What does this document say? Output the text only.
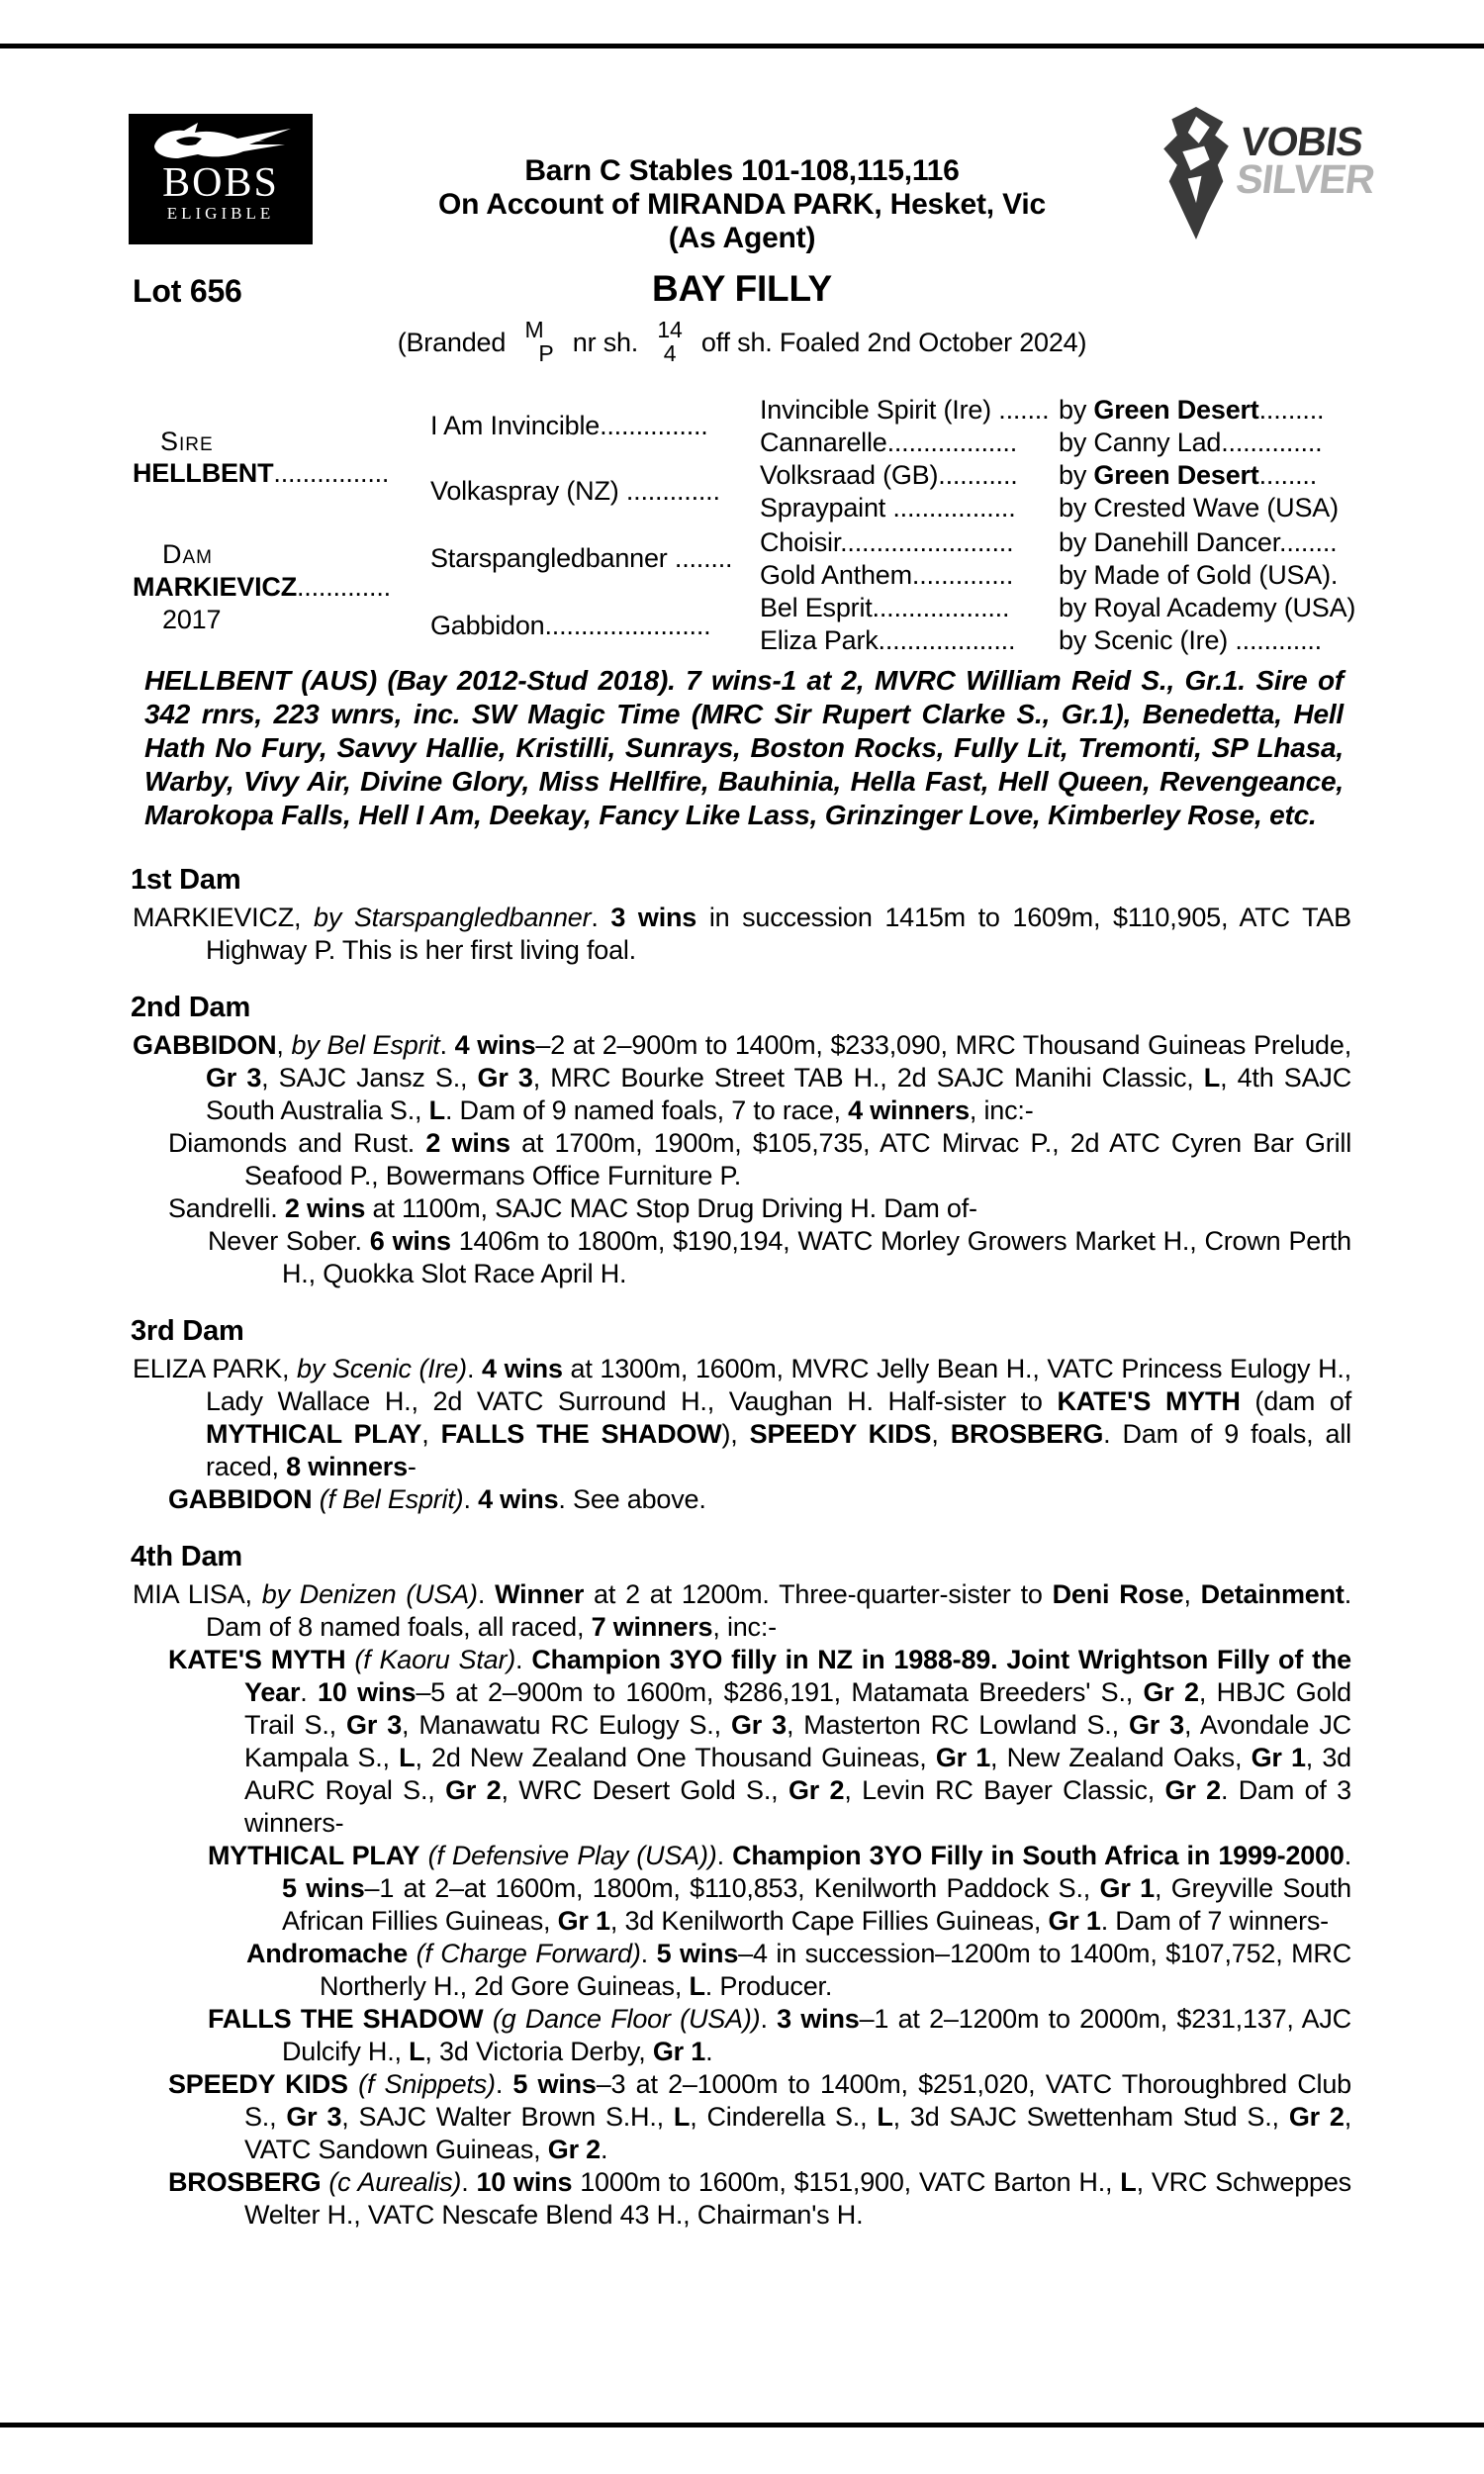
BOBS
ELIGIBLE
Barn C Stables 101-108,115,116
On Account of MIRANDA PARK, Hesket, Vic
(As Agent)
VOBIS
SILVER
Lot 656	BAY FILLY
(Branded M
P nr sh. 14
4 off sh. Foaled 2nd October 2024)
Sire
HELLBENT................
Dam
MARKIEVICZ.............
2017
I Am Invincible...............
Volkaspray (NZ) .............
Starspangledbanner ........
Gabbidon.......................
Invincible Spirit (Ire) .......
Cannarelle..................
Volksraad (GB)...........
Spraypaint .................
Choisir........................
Gold Anthem..............
Bel Esprit...................
Eliza Park...................
by Green Desert.........
by Canny Lad..............
by Green Desert........
by Crested Wave (USA)
by Danehill Dancer........
by Made of Gold (USA).
by Royal Academy (USA)
by Scenic (Ire) ............
HELLBENT (AUS) (Bay 2012-Stud 2018). 7 wins-1 at 2, MVRC William Reid S., Gr.1. Sire of 342 rnrs, 223 wnrs, inc. SW Magic Time (MRC Sir Rupert Clarke S., Gr.1), Benedetta, Hell Hath No Fury, Savvy Hallie, Kristilli, Sunrays, Boston Rocks, Fully Lit, Tremonti, SP Lhasa, Warby, Vivy Air, Divine Glory, Miss Hellfire, Bauhinia, Hella Fast, Hell Queen, Revengeance, Marokopa Falls, Hell I Am, Deekay, Fancy Like Lass, Grinzinger Love, Kimberley Rose, etc.
1st Dam
MARKIEVICZ, by Starspangledbanner. 3 wins in succession 1415m to 1609m, $110,905, ATC TAB Highway P. This is her first living foal.
2nd Dam
GABBIDON, by Bel Esprit. 4 wins–2 at 2–900m to 1400m, $233,090, MRC Thousand Guineas Prelude, Gr 3, SAJC Jansz S., Gr 3, MRC Bourke Street TAB H., 2d SAJC Manihi Classic, L, 4th SAJC South Australia S., L. Dam of 9 named foals, 7 to race, 4 winners, inc:-
Diamonds and Rust. 2 wins at 1700m, 1900m, $105,735, ATC Mirvac P., 2d ATC Cyren Bar Grill Seafood P., Bowermans Office Furniture P.
Sandrelli. 2 wins at 1100m, SAJC MAC Stop Drug Driving H. Dam of-
Never Sober. 6 wins 1406m to 1800m, $190,194, WATC Morley Growers Market H., Crown Perth H., Quokka Slot Race April H.
3rd Dam
ELIZA PARK, by Scenic (Ire). 4 wins at 1300m, 1600m, MVRC Jelly Bean H., VATC Princess Eulogy H., Lady Wallace H., 2d VATC Surround H., Vaughan H. Half-sister to KATE'S MYTH (dam of MYTHICAL PLAY, FALLS THE SHADOW), SPEEDY KIDS, BROSBERG. Dam of 9 foals, all raced, 8 winners-
GABBIDON (f Bel Esprit). 4 wins. See above.
4th Dam
MIA LISA, by Denizen (USA). Winner at 2 at 1200m. Three-quarter-sister to Deni Rose, Detainment. Dam of 8 named foals, all raced, 7 winners, inc:-
KATE'S MYTH (f Kaoru Star). Champion 3YO filly in NZ in 1988-89. Joint Wrightson Filly of the Year. 10 wins–5 at 2–900m to 1600m, $286,191, Matamata Breeders' S., Gr 2, HBJC Gold Trail S., Gr 3, Manawatu RC Eulogy S., Gr 3, Masterton RC Lowland S., Gr 3, Avondale JC Kampala S., L, 2d New Zealand One Thousand Guineas, Gr 1, New Zealand Oaks, Gr 1, 3d AuRC Royal S., Gr 2, WRC Desert Gold S., Gr 2, Levin RC Bayer Classic, Gr 2. Dam of 3 winners-
MYTHICAL PLAY (f Defensive Play (USA)). Champion 3YO Filly in South Africa in 1999-2000. 5 wins–1 at 2–at 1600m, 1800m, $110,853, Kenilworth Paddock S., Gr 1, Greyville South African Fillies Guineas, Gr 1, 3d Kenilworth Cape Fillies Guineas, Gr 1. Dam of 7 winners-
Andromache (f Charge Forward). 5 wins–4 in succession–1200m to 1400m, $107,752, MRC Northerly H., 2d Gore Guineas, L. Producer.
FALLS THE SHADOW (g Dance Floor (USA)). 3 wins–1 at 2–1200m to 2000m, $231,137, AJC Dulcify H., L, 3d Victoria Derby, Gr 1.
SPEEDY KIDS (f Snippets). 5 wins–3 at 2–1000m to 1400m, $251,020, VATC Thoroughbred Club S., Gr 3, SAJC Walter Brown S.H., L, Cinderella S., L, 3d SAJC Swettenham Stud S., Gr 2, VATC Sandown Guineas, Gr 2.
BROSBERG (c Aurealis). 10 wins 1000m to 1600m, $151,900, VATC Barton H., L, VRC Schweppes Welter H., VATC Nescafe Blend 43 H., Chairman's H.
